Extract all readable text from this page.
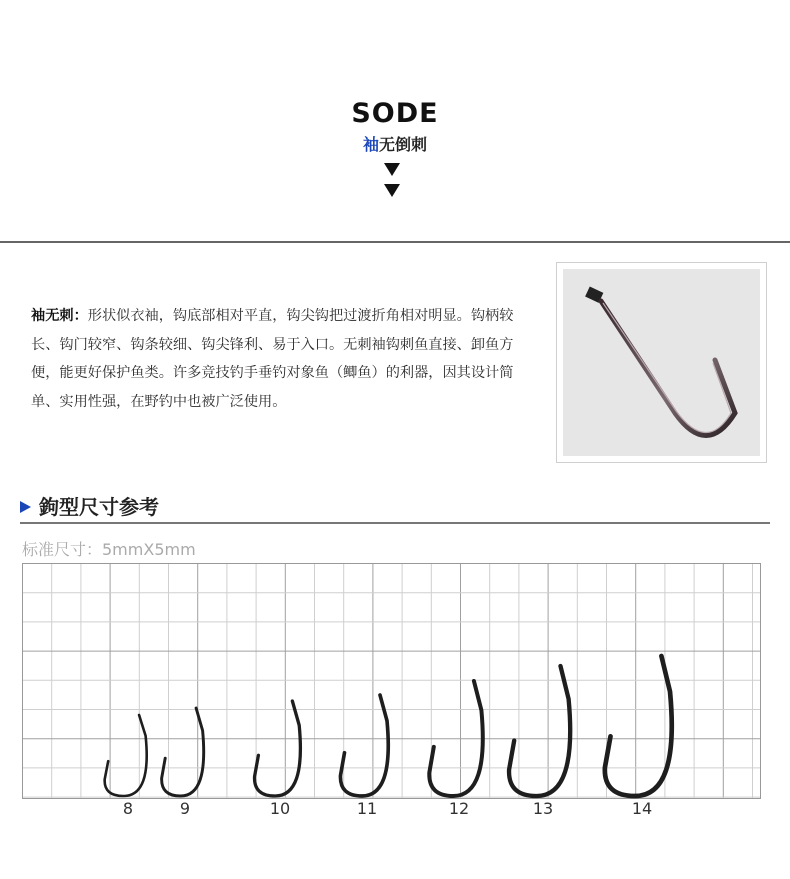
SODE
袖无倒刺
袖无刺：形状似衣袖，钩底部相对平直，钩尖钩把过渡折角相对明显。钩柄较长、钩门较窄、钩条较细、钩尖锋利、易于入口。无刺袖钩刺鱼直接、卸鱼方便，能更好保护鱼类。许多竞技钓手垂钓对象鱼（鲫鱼）的利器，因其设计简单、实用性强，在野钓中也被广泛使用。
鉤型尺寸参考
标准尺寸：5mmX5mm
8	9	10	11	12	13	14
